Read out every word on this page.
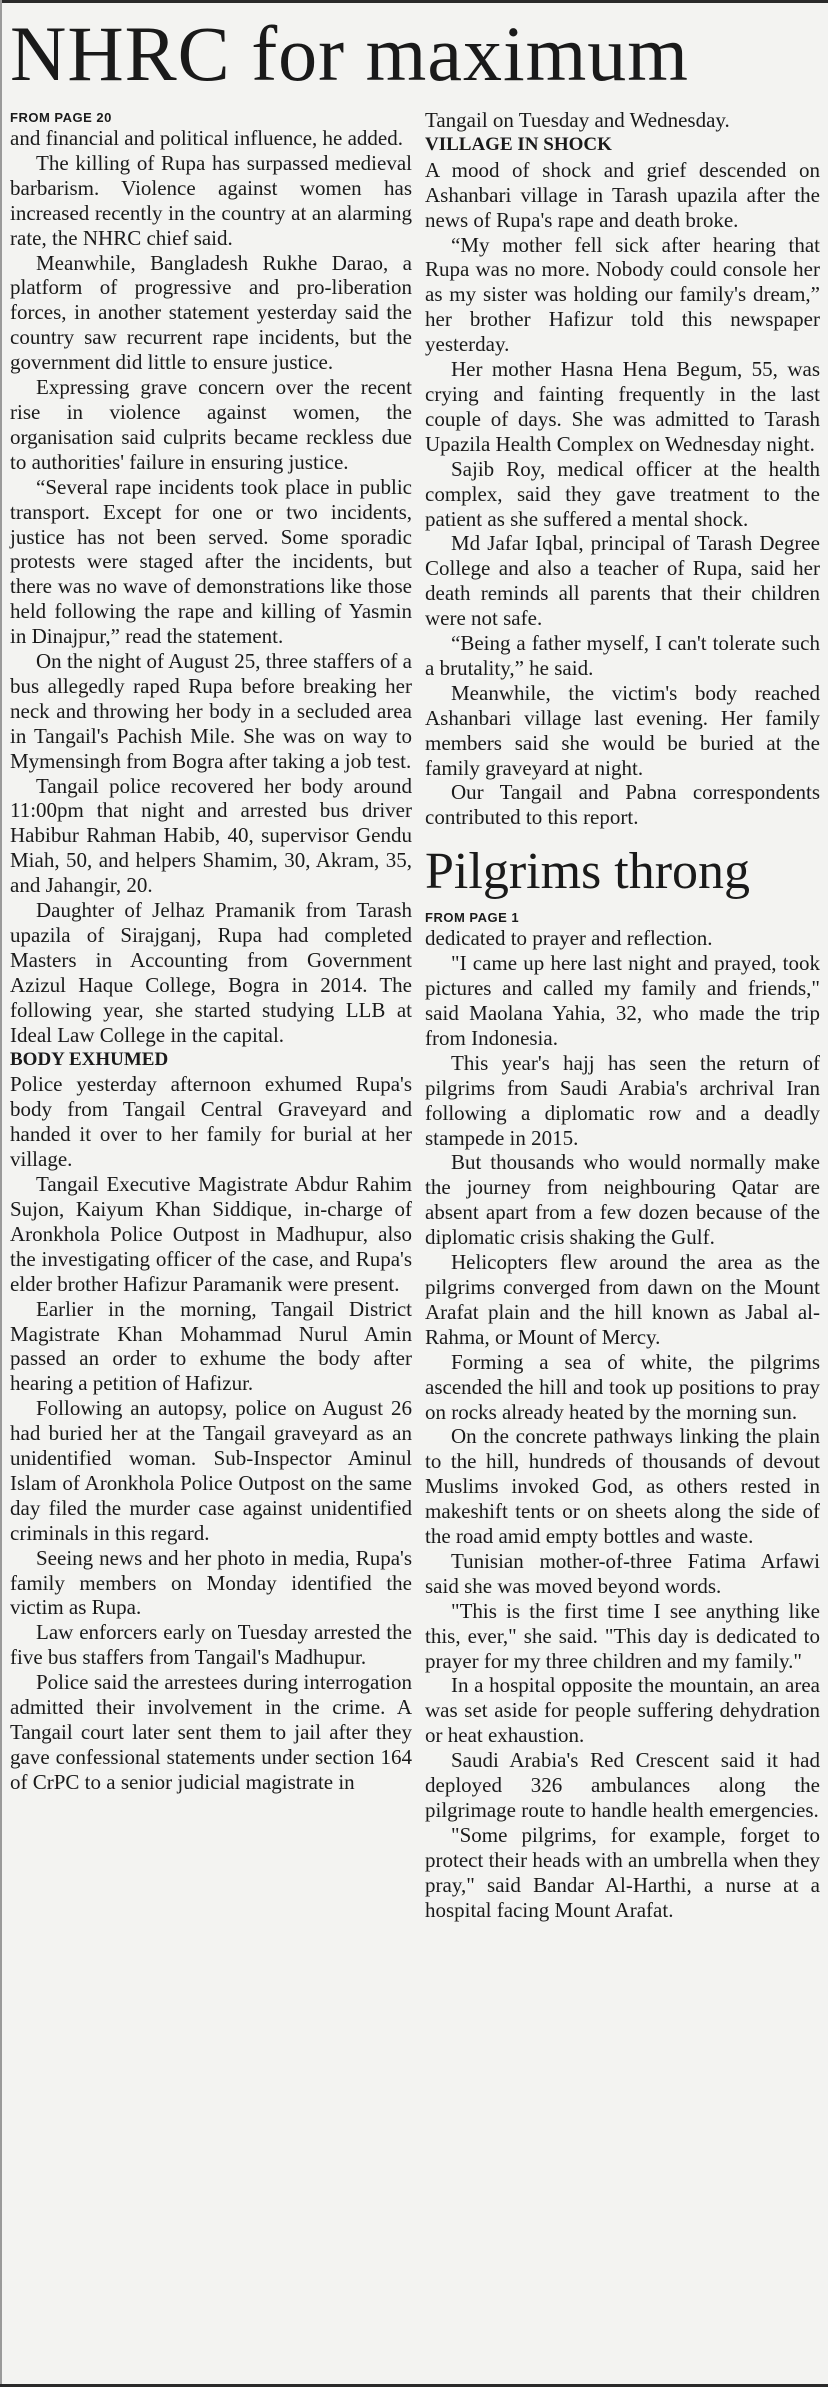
NHRC for maximum
FROM PAGE 20

and financial and political influence, he added.

The killing of Rupa has surpassed medieval barbarism. Violence against women has increased recently in the country at an alarming rate, the NHRC chief said.

Meanwhile, Bangladesh Rukhe Darao, a platform of progressive and pro-liberation forces, in another statement yesterday said the country saw recurrent rape incidents, but the government did little to ensure justice.

Expressing grave concern over the recent rise in violence against women, the organisation said culprits became reckless due to authorities' failure in ensuring justice.

“Several rape incidents took place in public transport. Except for one or two incidents, justice has not been served. Some sporadic protests were staged after the incidents, but there was no wave of demonstrations like those held following the rape and killing of Yasmin in Dinajpur,” read the statement.

On the night of August 25, three staffers of a bus allegedly raped Rupa before breaking her neck and throwing her body in a secluded area in Tangail's Pachish Mile. She was on way to Mymensingh from Bogra after taking a job test.

Tangail police recovered her body around 11:00pm that night and arrested bus driver Habibur Rahman Habib, 40, supervisor Gendu Miah, 50, and helpers Shamim, 30, Akram, 35, and Jahangir, 20.

Daughter of Jelhaz Pramanik from Tarash upazila of Sirajganj, Rupa had completed Masters in Accounting from Government Azizul Haque College, Bogra in 2014. The following year, she started studying LLB at Ideal Law College in the capital.

BODY EXHUMED

Police yesterday afternoon exhumed Rupa's body from Tangail Central Graveyard and handed it over to her family for burial at her village.

Tangail Executive Magistrate Abdur Rahim Sujon, Kaiyum Khan Siddique, in-charge of Aronkhola Police Outpost in Madhupur, also the investigating officer of the case, and Rupa's elder brother Hafizur Paramanik were present.

Earlier in the morning, Tangail District Magistrate Khan Mohammad Nurul Amin passed an order to exhume the body after hearing a petition of Hafizur.

Following an autopsy, police on August 26 had buried her at the Tangail graveyard as an unidentified woman. Sub-Inspector Aminul Islam of Aronkhola Police Outpost on the same day filed the murder case against unidentified criminals in this regard.

Seeing news and her photo in media, Rupa's family members on Monday identified the victim as Rupa.

Law enforcers early on Tuesday arrested the five bus staffers from Tangail's Madhupur.

Police said the arrestees during interrogation admitted their involvement in the crime. A Tangail court later sent them to jail after they gave confessional statements under section 164 of CrPC to a senior judicial magistrate in

Tangail on Tuesday and Wednesday.

VILLAGE IN SHOCK

A mood of shock and grief descended on Ashanbari village in Tarash upazila after the news of Rupa's rape and death broke.

“My mother fell sick after hearing that Rupa was no more. Nobody could console her as my sister was holding our family's dream,” her brother Hafizur told this newspaper yesterday.

Her mother Hasna Hena Begum, 55, was crying and fainting frequently in the last couple of days. She was admitted to Tarash Upazila Health Complex on Wednesday night.

Sajib Roy, medical officer at the health complex, said they gave treatment to the patient as she suffered a mental shock.

Md Jafar Iqbal, principal of Tarash Degree College and also a teacher of Rupa, said her death reminds all parents that their children were not safe.

“Being a father myself, I can't tolerate such a brutality,” he said.

Meanwhile, the victim's body reached Ashanbari village last evening. Her family members said she would be buried at the family graveyard at night.

Our Tangail and Pabna correspondents contributed to this report.

Pilgrims throng
FROM PAGE 1

dedicated to prayer and reflection.

"I came up here last night and prayed, took pictures and called my family and friends," said Maolana Yahia, 32, who made the trip from Indonesia.

This year's hajj has seen the return of pilgrims from Saudi Arabia's archrival Iran following a diplomatic row and a deadly stampede in 2015.

But thousands who would normally make the journey from neighbouring Qatar are absent apart from a few dozen because of the diplomatic crisis shaking the Gulf.

Helicopters flew around the area as the pilgrims converged from dawn on the Mount Arafat plain and the hill known as Jabal al-Rahma, or Mount of Mercy.

Forming a sea of white, the pilgrims ascended the hill and took up positions to pray on rocks already heated by the morning sun.

On the concrete pathways linking the plain to the hill, hundreds of thousands of devout Muslims invoked God, as others rested in makeshift tents or on sheets along the side of the road amid empty bottles and waste.

Tunisian mother-of-three Fatima Arfawi said she was moved beyond words.

"This is the first time I see anything like this, ever," she said. "This day is dedicated to prayer for my three children and my family."

In a hospital opposite the mountain, an area was set aside for people suffering dehydration or heat exhaustion.

Saudi Arabia's Red Crescent said it had deployed 326 ambulances along the pilgrimage route to handle health emergencies.

"Some pilgrims, for example, forget to protect their heads with an umbrella when they pray," said Bandar Al-Harthi, a nurse at a hospital facing Mount Arafat.
